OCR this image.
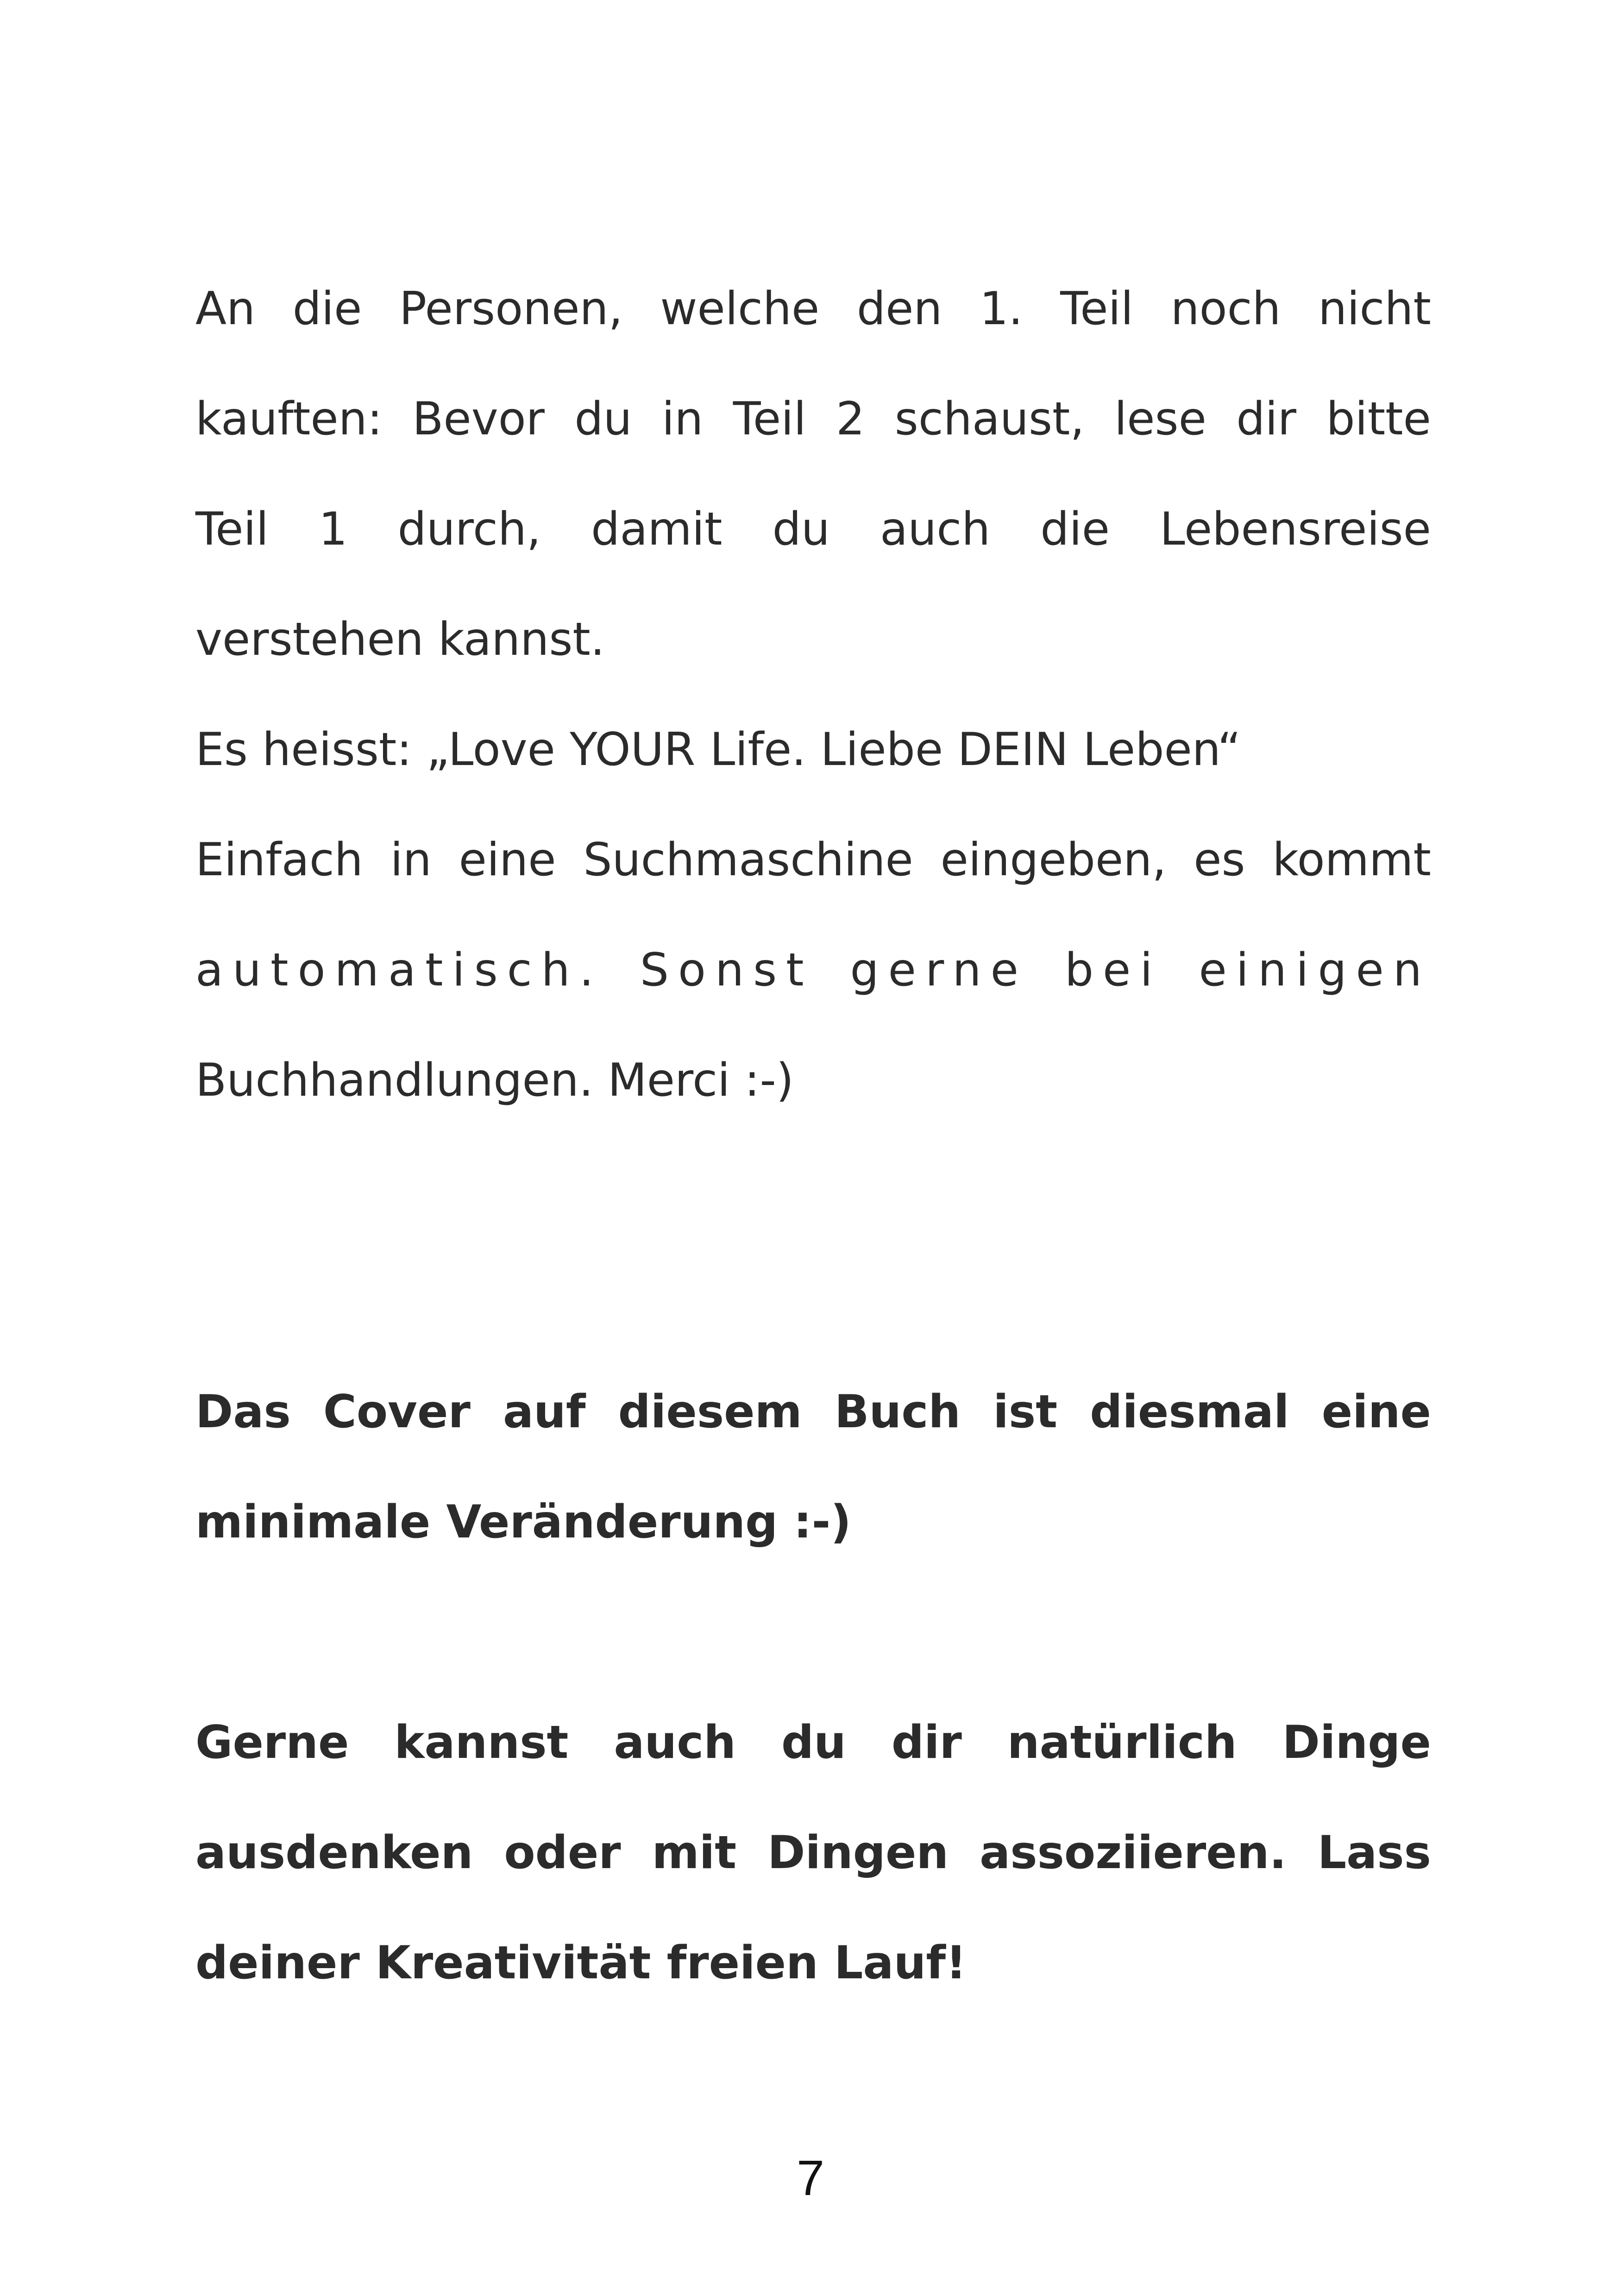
An die Personen, welche den 1. Teil noch nicht
kauften: Bevor du in Teil 2 schaust, lese dir bitte
Teil 1 durch, damit du auch die Lebensreise
verstehen kannst.
Es heisst: „Love YOUR Life. Liebe DEIN Leben“
Einfach in eine Suchmaschine eingeben, es kommt
automatisch. Sonst gerne bei einigen
Buchhandlungen. Merci :-)
Das Cover auf diesem Buch ist diesmal eine
minimale Veränderung :-)
Gerne kannst auch du dir natürlich Dinge
ausdenken oder mit Dingen assoziieren. Lass
deiner Kreativität freien Lauf!
7
